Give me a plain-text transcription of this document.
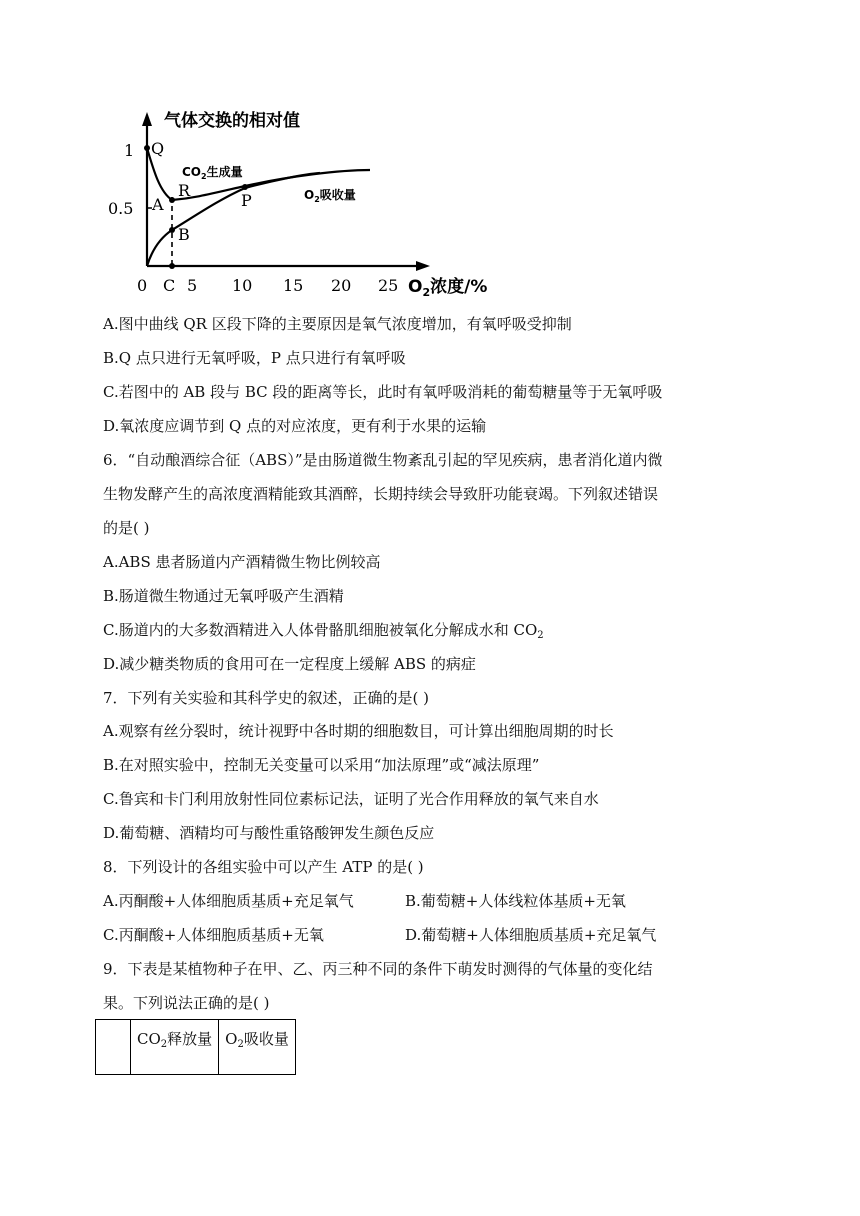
气体交换的相对值
1
0.5
Q
R
A
B
P
$CO_2$生成量
$O_2$吸收量
0 C 5 10 15 20 25 $O_2$浓度/%
A.图中曲线 QR 区段下降的主要原因是氧气浓度增加，有氧呼吸受抑制
B.Q 点只进行无氧呼吸，P 点只进行有氧呼吸
C.若图中的 AB 段与 BC 段的距离等长，此时有氧呼吸消耗的葡萄糖量等于无氧呼吸
D.氧浓度应调节到 Q 点的对应浓度，更有利于水果的运输
6．“自动酿酒综合征（ABS）”是由肠道微生物紊乱引起的罕见疾病，患者消化道内微
生物发酵产生的高浓度酒精能致其酒醉，长期持续会导致肝功能衰竭。下列叙述错误
的是( )
A.ABS 患者肠道内产酒精微生物比例较高
B.肠道微生物通过无氧呼吸产生酒精
C.肠道内的大多数酒精进入人体骨骼肌细胞被氧化分解成水和 $CO_2$
D.减少糖类物质的食用可在一定程度上缓解 ABS 的病症
7．下列有关实验和其科学史的叙述，正确的是( )
A.观察有丝分裂时，统计视野中各时期的细胞数目，可计算出细胞周期的时长
B.在对照实验中，控制无关变量可以采用“加法原理”或“减法原理”
C.鲁宾和卡门利用放射性同位素标记法，证明了光合作用释放的氧气来自水
D.葡萄糖、酒精均可与酸性重铬酸钾发生颜色反应
8．下列设计的各组实验中可以产生 ATP 的是( )
A.丙酮酸+人体细胞质基质+充足氧气	B.葡萄糖+人体线粒体基质+无氧
C.丙酮酸+人体细胞质基质+无氧	D.葡萄糖+人体细胞质基质+充足氧气
9．下表是某植物种子在甲、乙、丙三种不同的条件下萌发时测得的气体量的变化结
果。下列说法正确的是( )
	$CO_2$释放量	$O_2$吸收量
